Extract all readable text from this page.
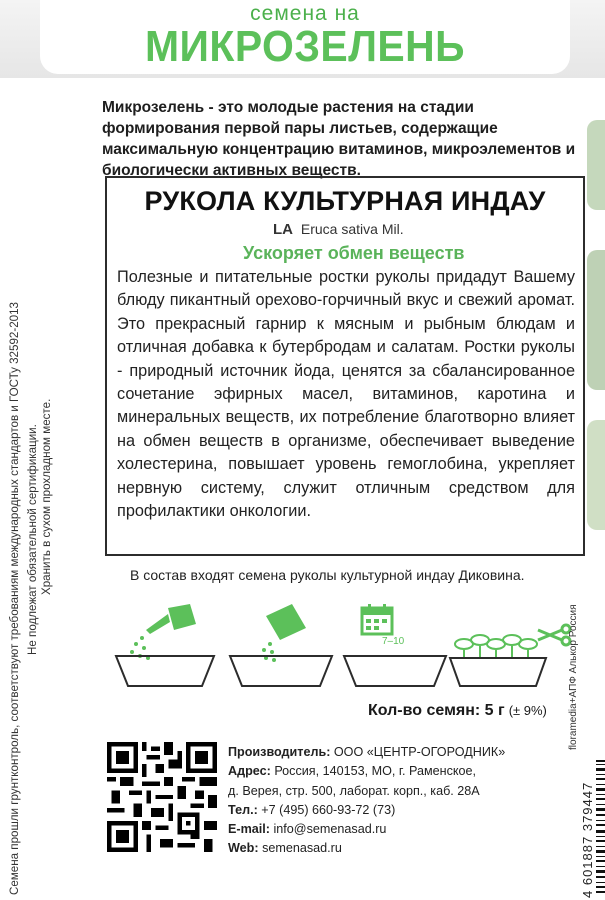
семена на
МИКРОЗЕЛЕНЬ
Микрозелень - это молодые растения на стадии формирования первой пары листьев, содержащие максимальную концентрацию витаминов, микроэлементов и биологически активных веществ.
РУКОЛА КУЛЬТУРНАЯ ИНДАУ
LA Eruca sativa Mil.
Ускоряет обмен веществ
Полезные и питательные ростки руколы придадут Вашему блюду пикантный орехово-горчичный вкус и свежий аромат. Это прекрасный гарнир к мясным и рыбным блюдам и отличная добавка к бутербродам и салатам. Ростки руколы - природный источник йода, ценятся за сбалансированное сочетание эфирных масел, витаминов, каротина и минеральных веществ, их потребление благотворно влияет на обмен веществ в организме, обеспечивает выведение холестерина, повышает уровень гемоглобина, укрепляет нервную систему, служит отличным средством для профилактики онкологии.
В состав входят семена руколы культурной индау Диковина.
7–10
Кол-во семян: 5 г (± 9%)
Производитель: ООО «ЦЕНТР-ОГОРОДНИК»
Адрес: Россия, 140153, МО, г. Раменское,
д. Верея, стр. 500, лаборат. корп., каб. 28А
Тел.: +7 (495) 660-93-72 (73)
E-mail: info@semenasad.ru
Web: semenasad.ru
Семена прошли грунтконтроль, соответствуют требованиям международных стандартов и ГОСТу 32592-2013 Не подлежат обязательной сертификации. Хранить в сухом прохладном месте.
floramedia+АПФ Алькор Россия
4 601887 379447
